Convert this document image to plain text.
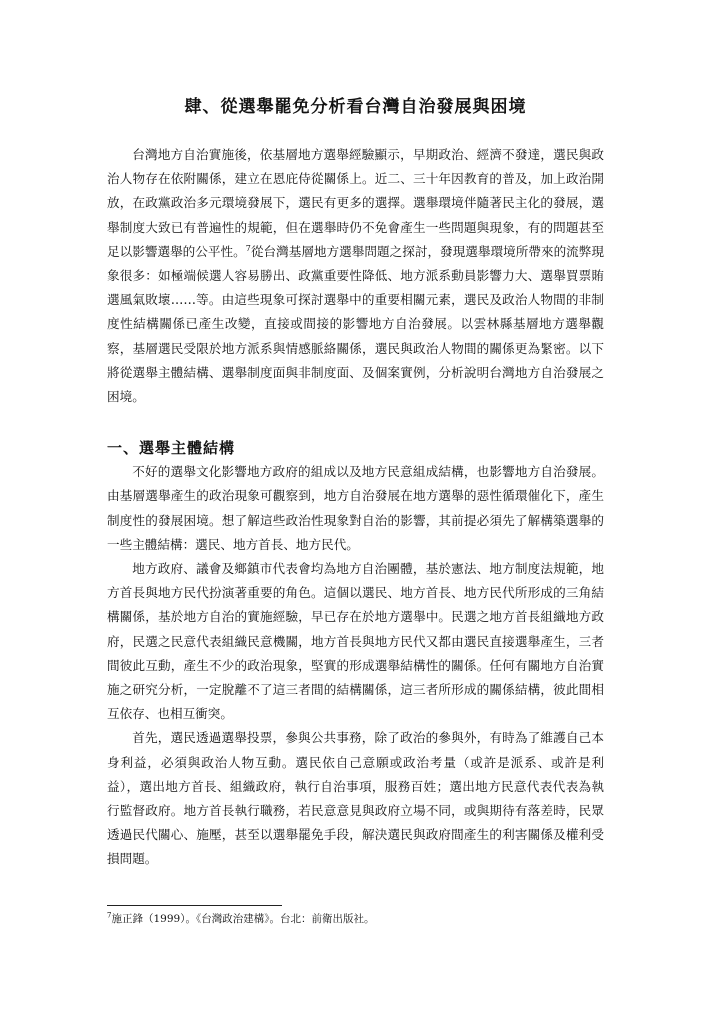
肆、從選舉罷免分析看台灣自治發展與困境

台灣地方自治實施後，依基層地方選舉經驗顯示，早期政治、經濟不發達，選民與政治人物存在依附關係，建立在恩庇侍從關係上。近二、三十年因教育的普及，加上政治開放，在政黨政治多元環境發展下，選民有更多的選擇。選舉環境伴隨著民主化的發展，選舉制度大致已有普遍性的規範，但在選舉時仍不免會產生一些問題與現象，有的問題甚至足以影響選舉的公平性。$^7$從台灣基層地方選舉問題之探討，發現選舉環境所帶來的流弊現象很多：如極端候選人容易勝出、政黨重要性降低、地方派系動員影響力大、選舉買票賄選風氣敗壞……等。由這些現象可探討選舉中的重要相關元素，選民及政治人物間的非制度性結構關係已產生改變，直接或間接的影響地方自治發展。以雲林縣基層地方選舉觀察，基層選民受限於地方派系與情感脈絡關係，選民與政治人物間的關係更為緊密。以下將從選舉主體結構、選舉制度面與非制度面、及個案實例，分析說明台灣地方自治發展之困境。

一、選舉主體結構

不好的選舉文化影響地方政府的組成以及地方民意組成結構，也影響地方自治發展。由基層選舉產生的政治現象可觀察到，地方自治發展在地方選舉的惡性循環催化下，產生制度性的發展困境。想了解這些政治性現象對自治的影響，其前提必須先了解構築選舉的一些主體結構：選民、地方首長、地方民代。

地方政府、議會及鄉鎮市代表會均為地方自治團體，基於憲法、地方制度法規範，地方首長與地方民代扮演著重要的角色。這個以選民、地方首長、地方民代所形成的三角結構關係，基於地方自治的實施經驗，早已存在於地方選舉中。民選之地方首長組織地方政府，民選之民意代表組織民意機關，地方首長與地方民代又都由選民直接選舉產生，三者間彼此互動，產生不少的政治現象，堅實的形成選舉結構性的關係。任何有關地方自治實施之研究分析，一定脫離不了這三者間的結構關係，這三者所形成的關係結構，彼此間相互依存、也相互衝突。

首先，選民透過選舉投票，參與公共事務，除了政治的參與外，有時為了維護自己本身利益，必須與政治人物互動。選民依自己意願或政治考量（或許是派系、或許是利益），選出地方首長、組織政府，執行自治事項，服務百姓；選出地方民意代表代表為執行監督政府。地方首長執行職務，若民意意見與政府立場不同，或與期待有落差時，民眾透過民代關心、施壓，甚至以選舉罷免手段，解決選民與政府間產生的利害關係及權利受損問題。

$^7$施正鋒（1999）。《台灣政治建構》。台北：前衛出版社。
